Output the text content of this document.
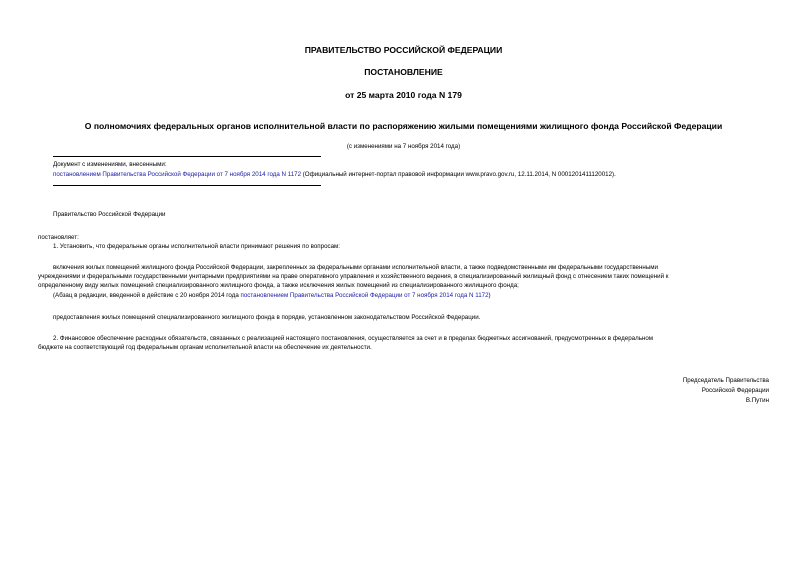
ПРАВИТЕЛЬСТВО РОССИЙСКОЙ ФЕДЕРАЦИИ
ПОСТАНОВЛЕНИЕ
от 25 марта 2010 года N 179
О полномочиях федеральных органов исполнительной власти по распоряжению жилыми помещениями жилищного фонда Российской Федерации
(с изменениями на 7 ноября 2014 года)
Документ с изменениями, внесенными:
постановлением Правительства Российской Федерации от 7 ноября 2014 года N 1172 (Официальный интернет-портал правовой информации www.pravo.gov.ru, 12.11.2014, N 0001201411120012).
Правительство Российской Федерации
постановляет:
1. Установить, что федеральные органы исполнительной власти принимают решения по вопросам:
включения жилых помещений жилищного фонда Российской Федерации, закрепленных за федеральными органами исполнительной власти, а также подведомственными им федеральными государственными
учреждениями и федеральными государственными унитарными предприятиями на праве оперативного управления и хозяйственного ведения, в специализированный жилищный фонд с отнесением таких помещений к
определенному виду жилых помещений специализированного жилищного фонда, а также исключения жилых помещений из специализированного жилищного фонда;
(Абзац в редакции, введенной в действие с 20 ноября 2014 года постановлением Правительства Российской Федерации от 7 ноября 2014 года N 1172)
предоставления жилых помещений специализированного жилищного фонда в порядке, установленном законодательством Российской Федерации.
2. Финансовое обеспечение расходных обязательств, связанных с реализацией настоящего постановления, осуществляется за счет и в пределах бюджетных ассигнований, предусмотренных в федеральном
бюджете на соответствующий год федеральным органам исполнительной власти на обеспечение их деятельности.
Председатель Правительства
Российской Федерации
В.Путин
